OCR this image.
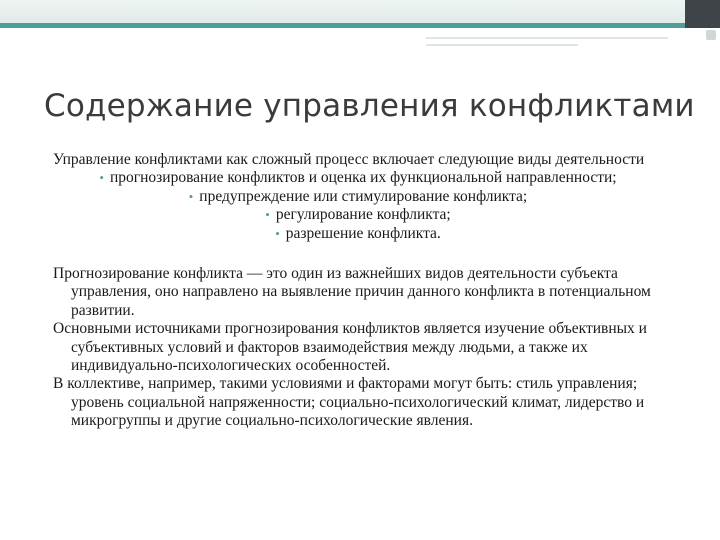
Содержание управления конфликтами

Управление конфликтами как сложный процесс включает следующие виды деятельности

• прогнозирование конфликтов и оценка их функциональной направленности;
• предупреждение или стимулирование конфликта;
• регулирование конфликта;
• разрешение конфликта.

Прогнозирование конфликта — это один из важнейших видов деятельности субъекта управления, оно направлено на выявление причин данного конфликта в потенциальном развитии.

Основными источниками прогнозирования конфликтов является изучение объективных и субъективных условий и факторов взаимодействия между людьми, а также их индивидуально-психологических особенностей.

В коллективе, например, такими условиями и факторами могут быть: стиль управления; уровень социальной напряженности; социально-психологический климат, лидерство и микрогруппы и другие социально-психологические явления.
